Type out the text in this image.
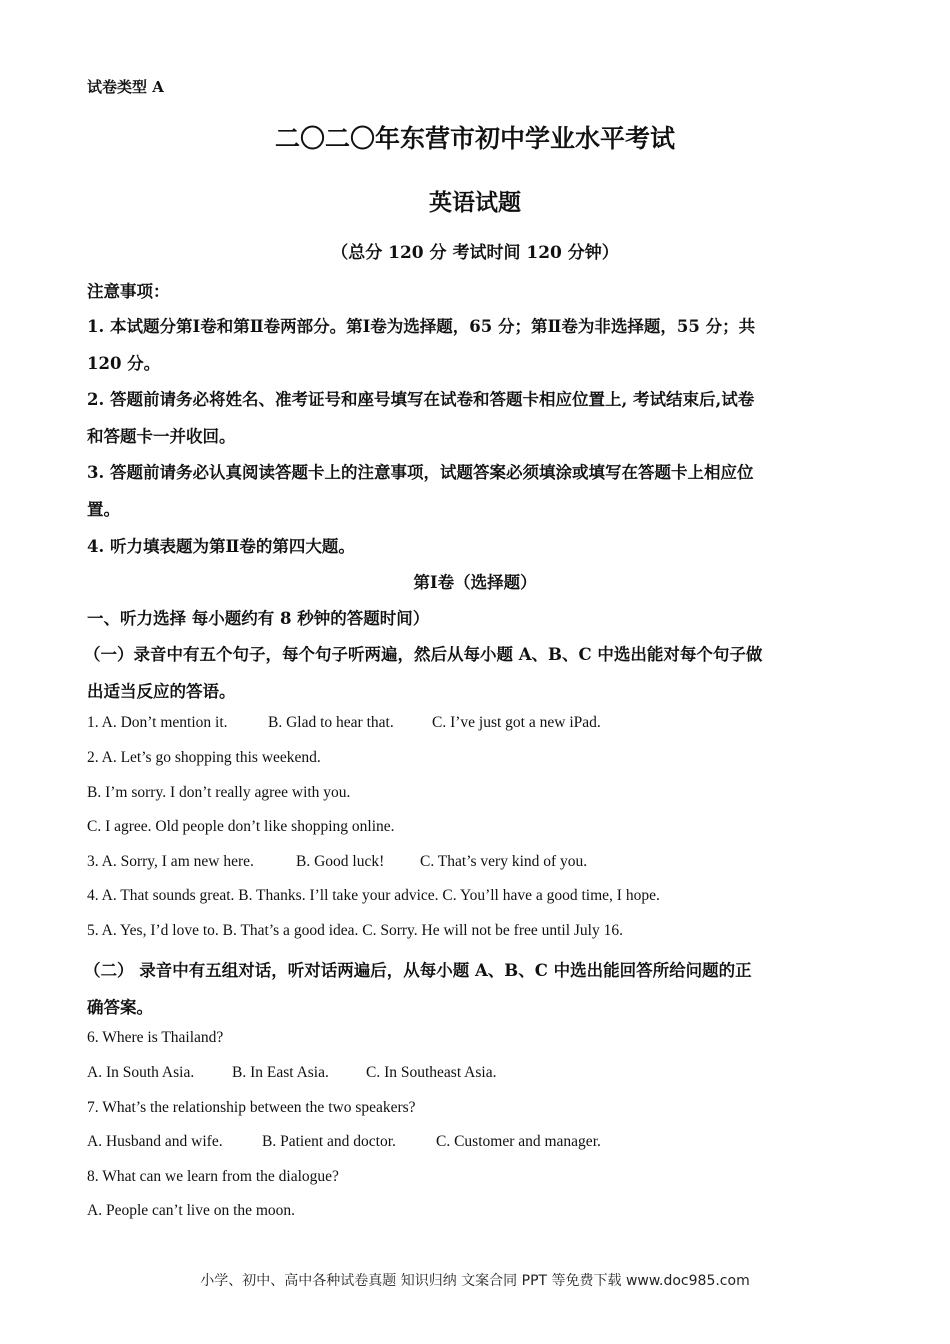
试卷类型 A
二〇二〇年东营市初中学业水平考试
英语试题
（总分 120 分 考试时间 120 分钟）
注意事项：
1. 本试题分第Ⅰ卷和第Ⅱ卷两部分。第Ⅰ卷为选择题，65 分；第Ⅱ卷为非选择题，55 分；共
120 分。
2. 答题前请务必将姓名、准考证号和座号填写在试卷和答题卡相应位置上, 考试结束后,试卷
和答题卡一并收回。
3. 答题前请务必认真阅读答题卡上的注意事项，试题答案必须填涂或填写在答题卡上相应位
置。
4. 听力填表题为第Ⅱ卷的第四大题。
第Ⅰ卷（选择题）
一、听力选择 每小题约有 8 秒钟的答题时间）
（一）录音中有五个句子，每个句子听两遍，然后从每小题 A、B、C 中选出能对每个句子做
出适当反应的答语。
1. A. Don’t mention it.	B. Glad to hear that. C. I’ve just got a new iPad.
2. A. Let’s go shopping this weekend.
B. I’m sorry. I don’t really agree with you.
C. I agree. Old people don’t like shopping online.
3. A. Sorry, I am new here.	B. Good luck! C. That’s very kind of you.
4. A. That sounds great. B. Thanks. I’ll take your advice. C. You’ll have a good time, I hope.
5. A. Yes, I’d love to. B. That’s a good idea. C. Sorry. He will not be free until July 16.
（二） 录音中有五组对话，听对话两遍后，从每小题 A、B、C 中选出能回答所给问题的正
确答案。
6. Where is Thailand?
A. In South Asia. B. In East Asia. C. In Southeast Asia.
7. What’s the relationship between the two speakers?
A. Husband and wife.	B. Patient and doctor.	C. Customer and manager.
8. What can we learn from the dialogue?
A. People can’t live on the moon.
小学、初中、高中各种试卷真题 知识归纳 文案合同 PPT 等免费下载 www.doc985.com
